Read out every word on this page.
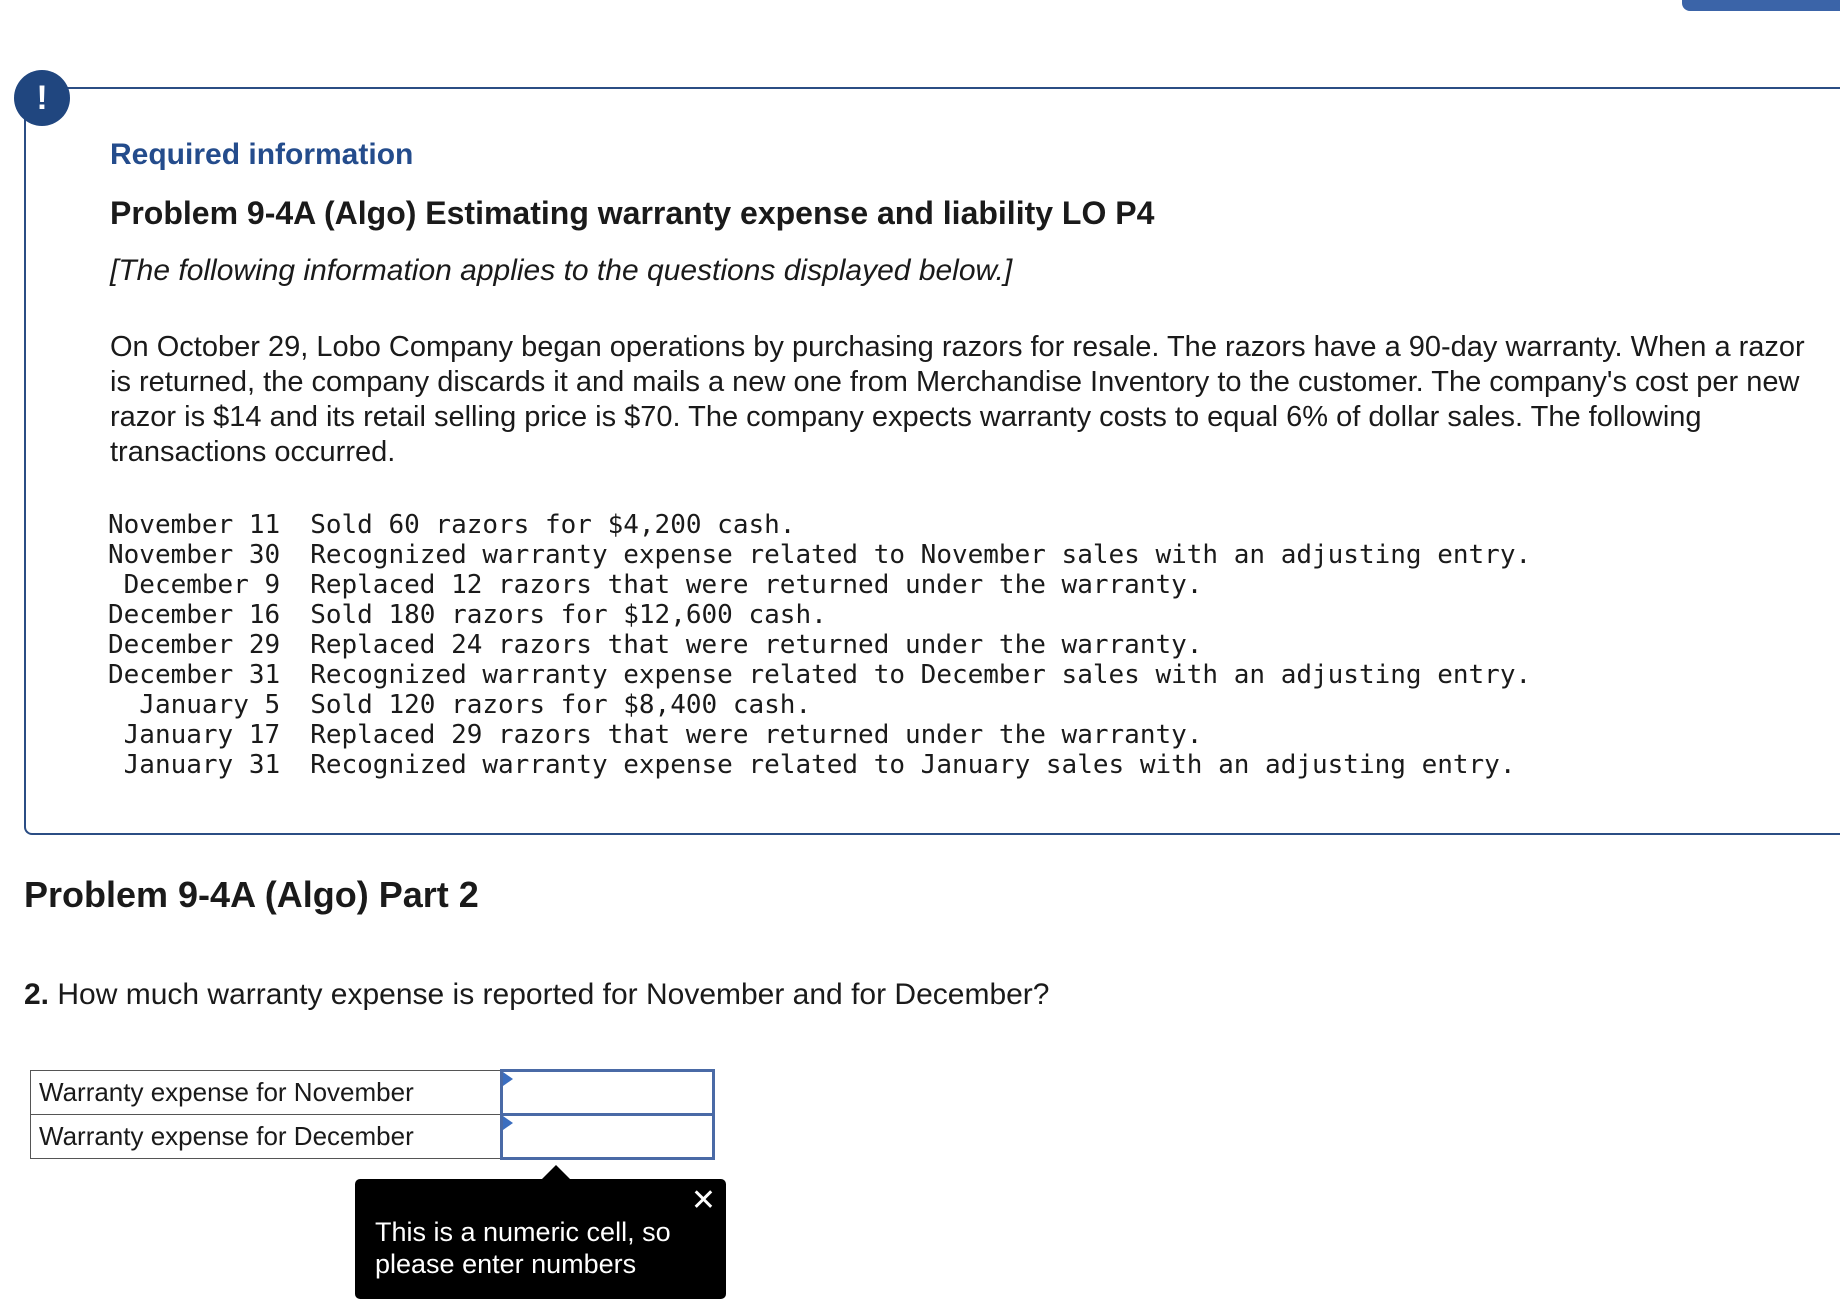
!
Required information
Problem 9-4A (Algo) Estimating warranty expense and liability LO P4
[The following information applies to the questions displayed below.]
On October 29, Lobo Company began operations by purchasing razors for resale. The razors have a 90-day warranty. When a razor is returned, the company discards it and mails a new one from Merchandise Inventory to the customer. The company's cost per new razor is $14 and its retail selling price is $70. The company expects warranty costs to equal 6% of dollar sales. The following transactions occurred.
November 11	Sold 60 razors for $4,200 cash.
November 30	Recognized warranty expense related to November sales with an adjusting entry.
December 9	Replaced 12 razors that were returned under the warranty.
December 16	Sold 180 razors for $12,600 cash.
December 29	Replaced 24 razors that were returned under the warranty.
December 31	Recognized warranty expense related to December sales with an adjusting entry.
January 5	Sold 120 razors for $8,400 cash.
January 17	Replaced 29 razors that were returned under the warranty.
January 31	Recognized warranty expense related to January sales with an adjusting entry.
Problem 9-4A (Algo) Part 2
2. How much warranty expense is reported for November and for December?
Warranty expense for November	
Warranty expense for December	
✕
This is a numeric cell, so please enter numbers
